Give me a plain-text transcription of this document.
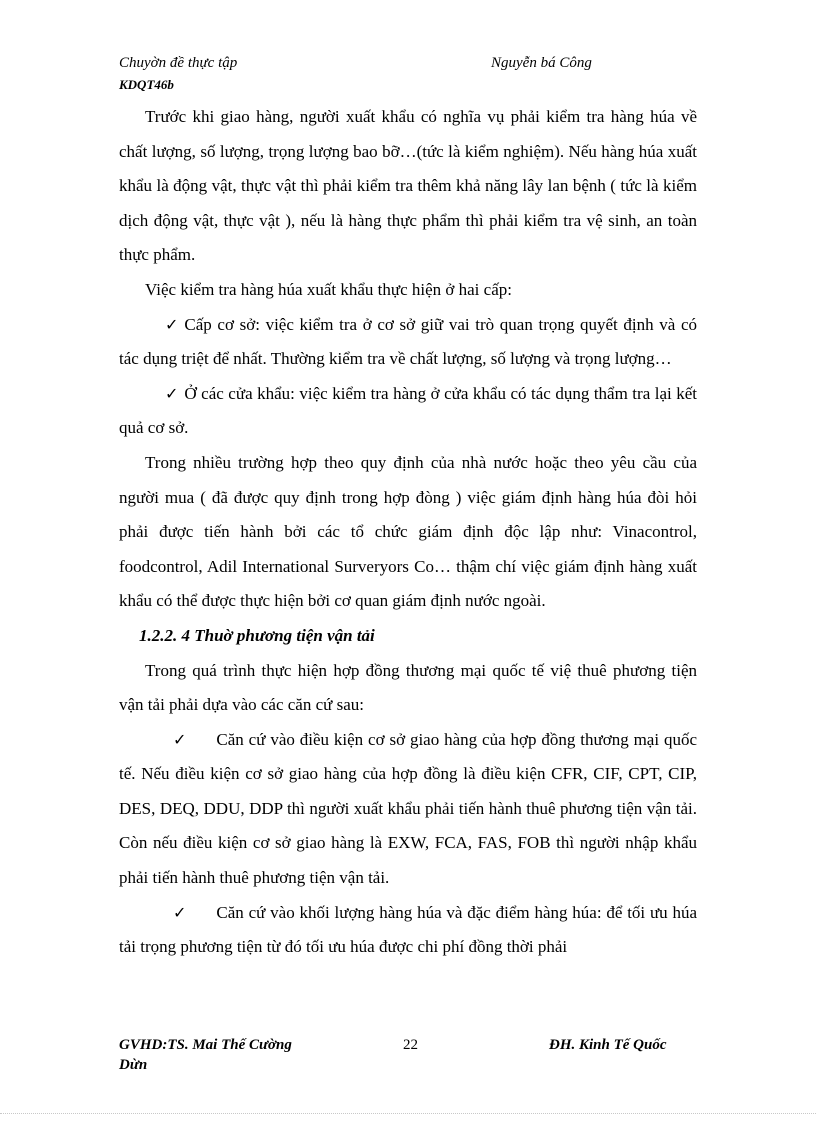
Chuyờn đề thực tập	Nguyễn bá Công
KDQT46b

Trước khi giao hàng, người xuất khẩu có nghĩa vụ phải kiểm tra hàng húa về chất lượng, số lượng, trọng lượng bao bỡ…(tức là kiểm nghiệm). Nếu hàng húa xuất khẩu là động vật, thực vật thì phải kiểm tra thêm khả năng lây lan bệnh ( tức là kiểm dịch động vật, thực vật ), nếu là hàng thực phẩm thì phải kiểm tra vệ sinh, an toàn thực phẩm.

Việc kiểm tra hàng húa xuất khẩu thực hiện ở hai cấp:

✓ Cấp cơ sở: việc kiểm tra ở cơ sở giữ vai trò quan trọng quyết định và có tác dụng triệt để nhất. Thường kiểm tra về chất lượng, số lượng và trọng lượng…

✓ Ở các cửa khẩu: việc kiểm tra hàng ở cửa khẩu có tác dụng thẩm tra lại kết quả cơ sở.

Trong nhiều trường hợp theo quy định của nhà nước hoặc theo yêu cầu của người mua ( đã được quy định trong hợp đòng ) việc giám định hàng húa đòi hỏi phải được tiến hành bởi các tổ chức giám định độc lập như: Vinacontrol, foodcontrol, Adil International Surveryors Co… thậm chí việc giám định hàng xuất khẩu có thể được thực hiện bởi cơ quan giám định nước ngoài.

1.2.2. 4 Thuờ phương tiện vận tải

Trong quá trình thực hiện hợp đồng thương mại quốc tế việ thuê phương tiện vận tải phải dựa vào các căn cứ sau:

✓ Căn cứ vào điều kiện cơ sở giao hàng của hợp đồng thương mại quốc tế. Nếu điều kiện cơ sở giao hàng của hợp đồng là điều kiện CFR, CIF, CPT, CIP, DES, DEQ, DDU, DDP thì người xuất khẩu phải tiến hành thuê phương tiện vận tải. Còn nếu điều kiện cơ sở giao hàng là EXW, FCA, FAS, FOB thì người nhập khẩu phải tiến hành thuê phương tiện vận tải.

✓ Căn cứ vào khối lượng hàng húa và đặc điểm hàng húa: để tối ưu húa tải trọng phương tiện từ đó tối ưu húa được chi phí đồng thời phải

GVHD:TS. Mai Thế Cường
Dừn
22	ĐH. Kinh Tế Quốc
